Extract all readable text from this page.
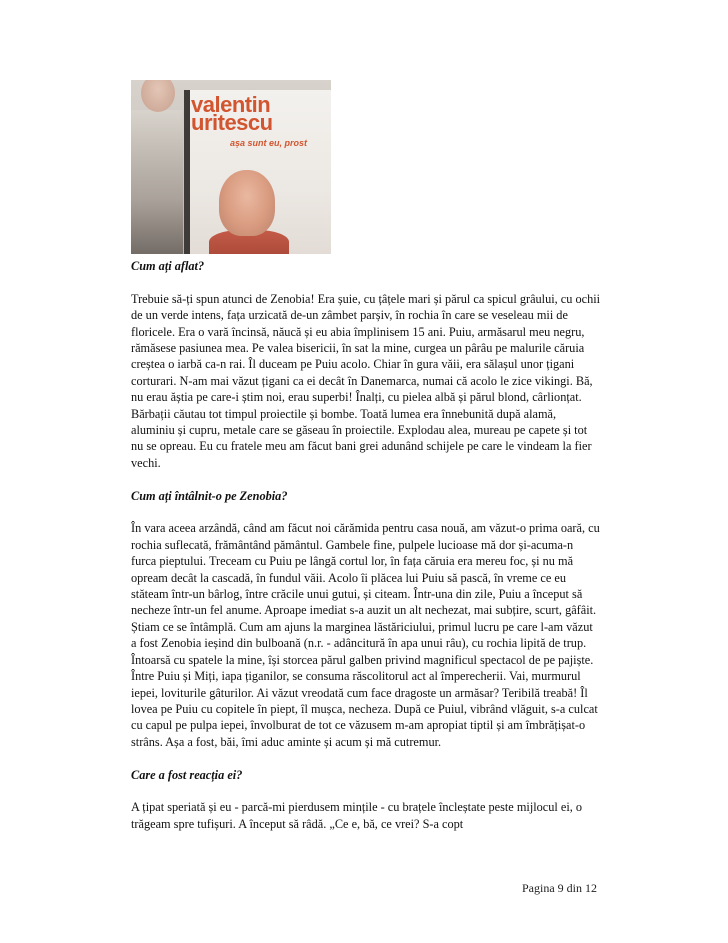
valentin uritescu
așa sunt eu, prost

Cum ați aflat?

Trebuie să-ți spun atunci de Zenobia! Era șuie, cu țâțele mari și părul ca spicul grâului, cu ochii de un verde intens, fața urzicată de-un zâmbet parșiv, în rochia în care se veseleau mii de floricele. Era o vară încinsă, năucă și eu abia împlinisem 15 ani. Puiu, armăsarul meu negru, rămăsese pasiunea mea. Pe valea bisericii, în sat la mine, curgea un pârâu pe malurile căruia creștea o iarbă ca-n rai. Îl duceam pe Puiu acolo. Chiar în gura văii, era sălașul unor țigani corturari. N-am mai văzut țigani ca ei decât în Danemarca, numai că acolo le zice vikingi. Bă, nu erau ăștia pe care-i știm noi, erau superbi! Înalți, cu pielea albă și părul blond, cârlionțat. Bărbații căutau tot timpul proiectile și bombe. Toată lumea era înnebunită după alamă, aluminiu și cupru, metale care se găseau în proiectile. Explodau alea, mureau pe capete și tot nu se opreau. Eu cu fratele meu am făcut bani grei adunând schijele pe care le vindeam la fier vechi.

Cum ați întâlnit-o pe Zenobia?

În vara aceea arzândă, când am făcut noi cărămida pentru casa nouă, am văzut-o prima oară, cu rochia suflecată, frământând pământul. Gambele fine, pulpele lucioase mă dor și-acuma-n furca pieptului. Treceam cu Puiu pe lângă cortul lor, în fața căruia era mereu foc, și nu mă opream decât la cascadă, în fundul văii. Acolo îi plăcea lui Puiu să pască, în vreme ce eu stăteam într-un bârlog, între crăcile unui gutui, și citeam. Într-una din zile, Puiu a început să necheze într-un fel anume. Aproape imediat s-a auzit un alt nechezat, mai subțire, scurt, gâfâit. Știam ce se întâmplă. Cum am ajuns la marginea lăstăriciului, primul lucru pe care l-am văzut a fost Zenobia ieșind din bulboană (n.r. - adâncitură în apa unui râu), cu rochia lipită de trup. Întoarsă cu spatele la mine, își storcea părul galben privind magnificul spectacol de pe pajiște. Între Puiu și Miți, iapa țiganilor, se consuma răscolitorul act al împerecherii. Vai, murmurul iepei, loviturile gâturilor. Ai văzut vreodată cum face dragoste un armăsar? Teribilă treabă! Îl lovea pe Puiu cu copitele în piept, îl mușca, necheza. După ce Puiul, vibrând vlăguit, s-a culcat cu capul pe pulpa iepei, învolburat de tot ce văzusem m-am apropiat tiptil și am îmbrățișat-o strâns. Așa a fost, băi, îmi aduc aminte și acum și mă cutremur.

Care a fost reacția ei?

A țipat speriată și eu - parcă-mi pierdusem mințile - cu brațele încleștate peste mijlocul ei, o trăgeam spre tufișuri. A început să râdă. „Ce e, bă, ce vrei? S-a copt

Pagina 9 din 12
